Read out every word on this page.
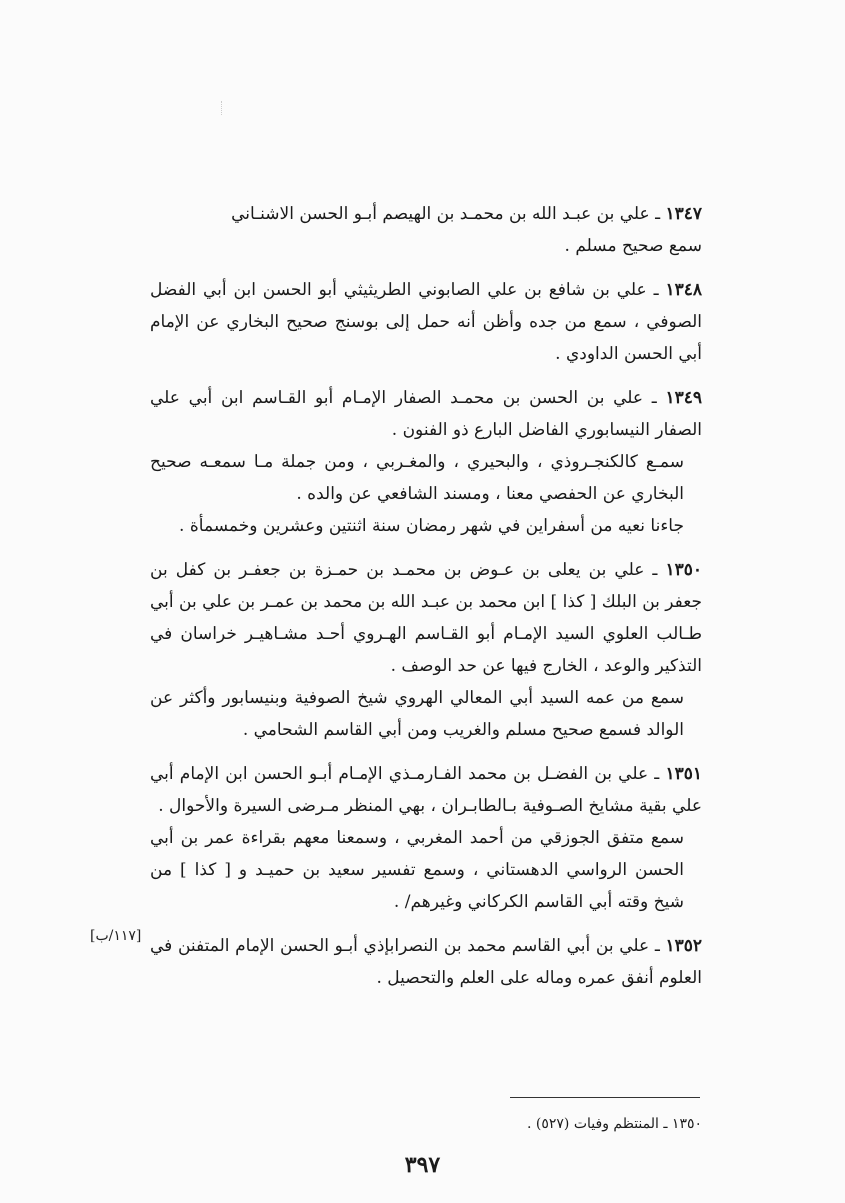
١٣٤٧ ـ علي بن عبـد الله بن محمـد بن الهيصم أبـو الحسن الاشنـاني

سمع صحيح مسلم .

١٣٤٨ ـ علي بن شافع بن علي الصابوني الطريثيثي أبو الحسن ابن أبي الفضل الصوفي ، سمع من جده وأظن أنه حمل إلى بوسنج صحيح البخاري عن الإمام أبي الحسن الداودي .

١٣٤٩ ـ علي بن الحسن بن محمـد الصفار الإمـام أبو القـاسم ابن أبي علي الصفار النيسابوري الفاضل البارع ذو الفنون .

سمـع كالكنجـروذي ، والبحيري ، والمغـربي ، ومن جملة مـا سمعـه صحيح البخاري عن الحفصي معنا ، ومسند الشافعي عن والده .

جاءنا نعيه من أسفراين في شهر رمضان سنة اثنتين وعشرين وخمسمأة .

١٣٥٠ ـ علي بن يعلى بن عـوض بن محمـد بن حمـزة بن جعفـر بن كفل بن جعفر بن البلك [ كذا ] ابن محمد بن عبـد الله بن محمد بن عمـر بن علي بن أبي طـالب العلوي السيد الإمـام أبو القـاسم الهـروي أحـد مشـاهيـر خراسان في التذكير والوعد ، الخارج فيها عن حد الوصف .

سمع من عمه السيد أبي المعالي الهروي شيخ الصوفية وبنيسابور وأكثر عن الوالد فسمع صحيح مسلم والغريب ومن أبي القاسم الشحامي .

١٣٥١ ـ علي بن الفضـل بن محمد الفـارمـذي الإمـام أبـو الحسن ابن الإمام أبي علي بقية مشايخ الصـوفية بـالطابـران ، بهي المنظر مـرضى السيرة والأحوال .

سمع متفق الجوزقي من أحمد المغربي ، وسمعنا معهم بقراءة عمر بن أبي الحسن الرواسي الدهستاني ، وسمع تفسير سعيد بن حميـد و [ كذا ] من شيخ وقته أبي القاسم الكركاني وغيرهم/ .

١٣٥٢ ـ علي بن أبي القاسم محمد بن النصرابإذي أبـو الحسن الإمام المتفنن في العلوم أنفق عمره وماله على العلم والتحصيل .

[١١٧/ب]
١٣٥٠ ـ المنتظم وفيات (٥٢٧) .
٣٩٧
